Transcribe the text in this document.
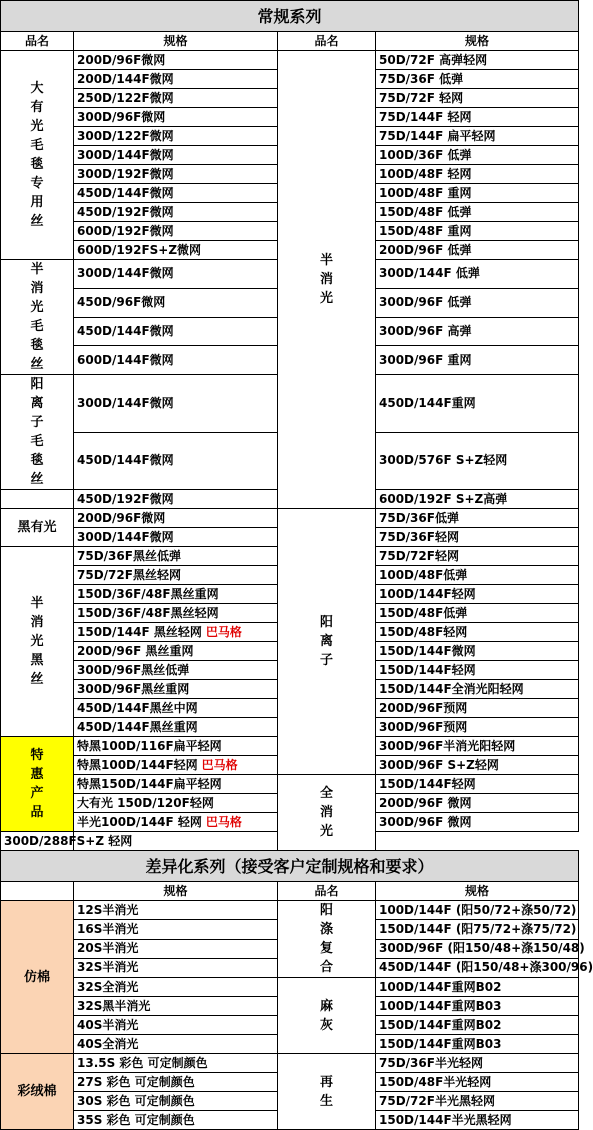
常规系列			
品名	规格	品名	规格
大有光毛毯专用丝	200D/96F微网	半消光	50D/72F 高弹轻网
	200D/144F微网		75D/36F 低弹
	250D/122F微网		75D/72F 轻网
	300D/96F微网		75D/144F 轻网
	300D/122F微网		75D/144F 扁平轻网
	300D/144F微网		100D/36F 低弹
	300D/192F微网		100D/48F 轻网
	450D/144F微网		100D/48F 重网
	450D/192F微网		150D/48F 低弹
	600D/192F微网		150D/48F 重网
	600D/192FS+Z微网		200D/96F 低弹
半消光毛毯丝	300D/144F微网		300D/144F 低弹
	450D/96F微网		300D/96F 低弹
	450D/144F微网		300D/96F 高弹
	600D/144F微网		300D/96F 重网
阳离子毛毯丝	300D/144F微网		450D/144F重网
	450D/144F微网		300D/576F S+Z轻网
	450D/192F微网		600D/192F S+Z高弹
黑有光	200D/96F微网	阳离子	75D/36F低弹
	300D/144F微网		75D/36F轻网
半消光黑丝	75D/36F黑丝低弹		75D/72F轻网
	75D/72F黑丝轻网		100D/48F低弹
	150D/36F/48F黑丝重网		100D/144F轻网
	150D/36F/48F黑丝轻网		150D/48F低弹
	150D/144F 黑丝轻网 巴马格		150D/48F轻网
	200D/96F 黑丝重网		150D/144F微网
	300D/96F黑丝低弹		150D/144F轻网
	300D/96F黑丝重网		150D/144F全消光阳轻网
	450D/144F黑丝中网		200D/96F预网
	450D/144F黑丝重网		300D/96F预网
特惠产品	特黑100D/116F扁平轻网		300D/96F半消光阳轻网
	特黑100D/144F轻网 巴马格		300D/96F S+Z轻网
	特黑150D/144F扁平轻网	全消光	150D/144F轻网
	大有光 150D/120F轻网		200D/96F 微网
	半光100D/144F 轻网 巴马格		300D/96F 微网
300D/288FS+Z 轻网			
差异化系列（接受客户定制规格和要求）			
	规格	品名	规格
仿棉	12S半消光	阳涤复合	100D/144F (阳50/72+涤50/72)
	16S半消光		150D/144F (阳75/72+涤75/72)
	20S半消光		300D/96F (阳150/48+涤150/48)
	32S半消光		450D/144F (阳150/48+涤300/96)
	32S全消光	麻灰	100D/144F重网B02
	32S黑半消光		100D/144F重网B03
	40S半消光		150D/144F重网B02
	40S全消光		150D/144F重网B03
彩绒棉	13.5S 彩色 可定制颜色	再生	75D/36F半光轻网
	27S 彩色 可定制颜色		150D/48F半光轻网
	30S 彩色 可定制颜色		75D/72F半光黑轻网
	35S 彩色 可定制颜色		150D/144F半光黑轻网
